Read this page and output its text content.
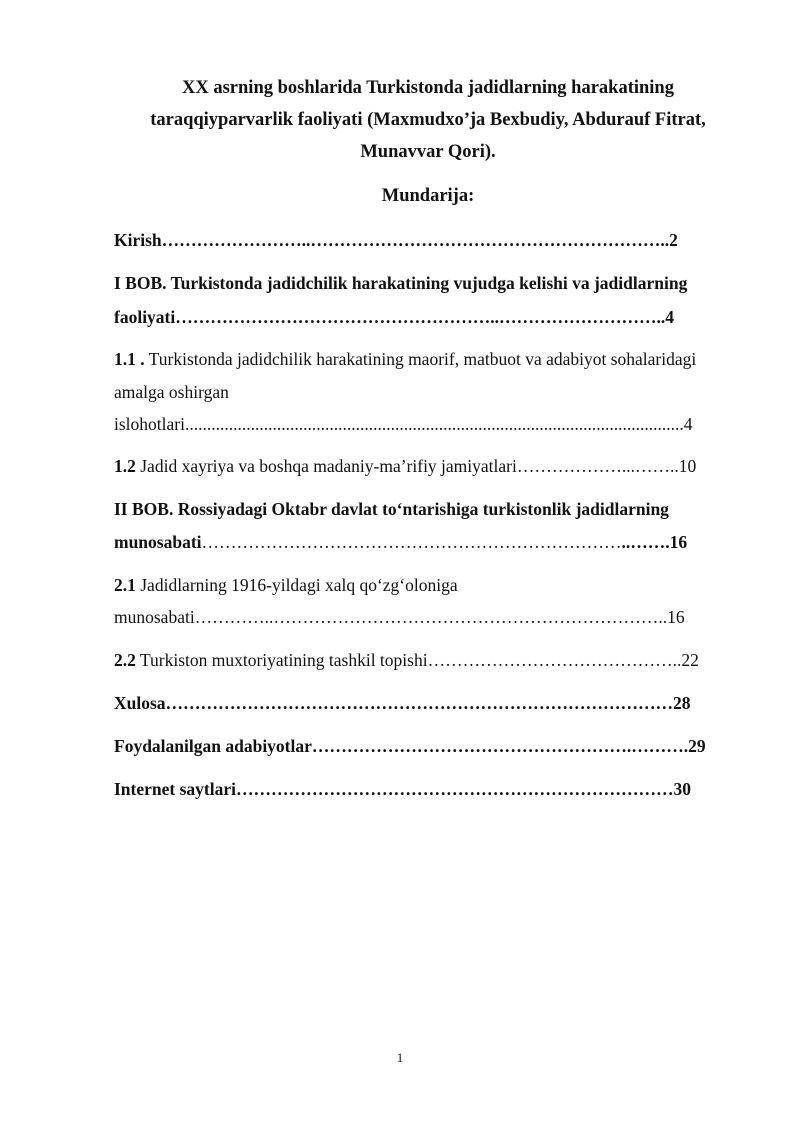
XX asrning boshlarida Turkistonda jadidlarning harakatining
taraqqiyparvarlik faoliyati (Maxmudxo’ja Bexbudiy, Abdurauf Fitrat,
Munavvar Qori).
Mundarija:
Kirish……………………..……………………………………………………..2
I BOB. Turkistonda jadidchilik harakatining vujudga kelishi va jadidlarning
faoliyati………………………………………………..………………………..4
1.1 . Turkistonda jadidchilik harakatining maorif, matbuot va adabiyot sohalaridagi
amalga oshirgan
islohotlari..................................................................................................................4
1.2 Jadid xayriya va boshqa madaniy-ma’rifiy jamiyatlari………………...……..10
II BOB. Rossiyadagi Oktabr davlat to‘ntarishiga turkistonlik jadidlarning
munosabati………………………………………………………………..…….16
2.1 Jadidlarning 1916-yildagi xalq qo‘zg‘oloniga
munosabati…………..…………………………………………………………..16
2.2 Turkiston muxtoriyatining tashkil topishi……………………………………..22
Xulosa……………………………………………………………………………28
Foydalanilgan adabiyotlar……………………………………………….……….29
Internet saytlari…………………………………………………………………30
1
